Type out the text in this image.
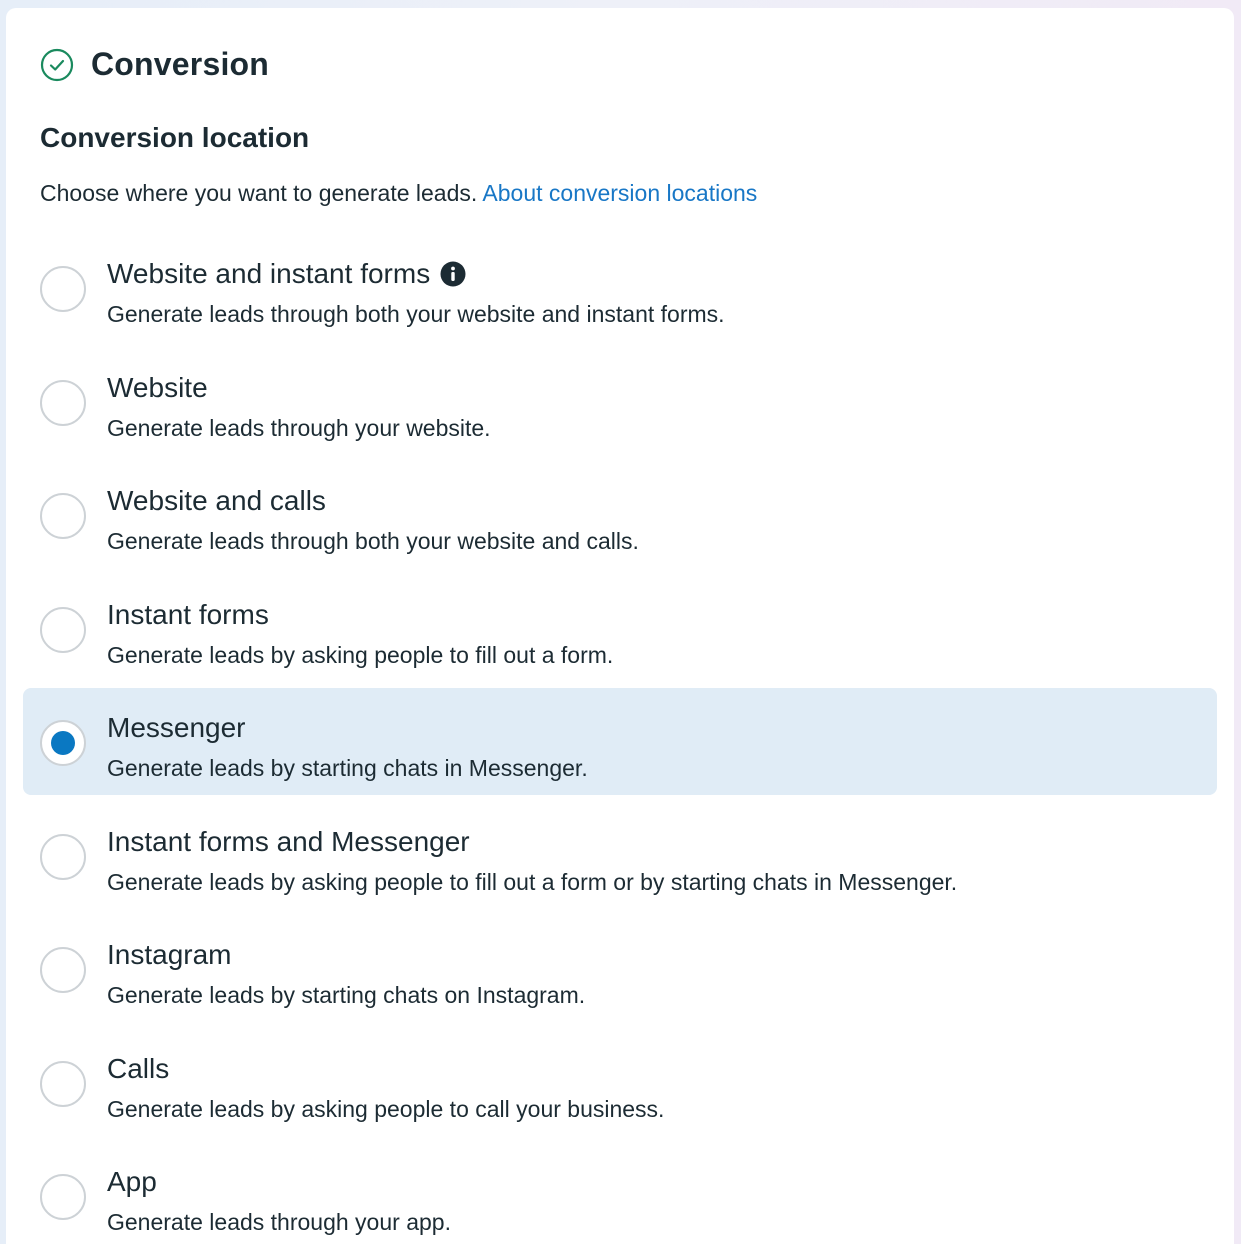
Conversion
Conversion location
Choose where you want to generate leads. About conversion locations
Website and instant forms
Generate leads through both your website and instant forms.
Website
Generate leads through your website.
Website and calls
Generate leads through both your website and calls.
Instant forms
Generate leads by asking people to fill out a form.
Messenger
Generate leads by starting chats in Messenger.
Instant forms and Messenger
Generate leads by asking people to fill out a form or by starting chats in Messenger.
Instagram
Generate leads by starting chats on Instagram.
Calls
Generate leads by asking people to call your business.
App
Generate leads through your app.
